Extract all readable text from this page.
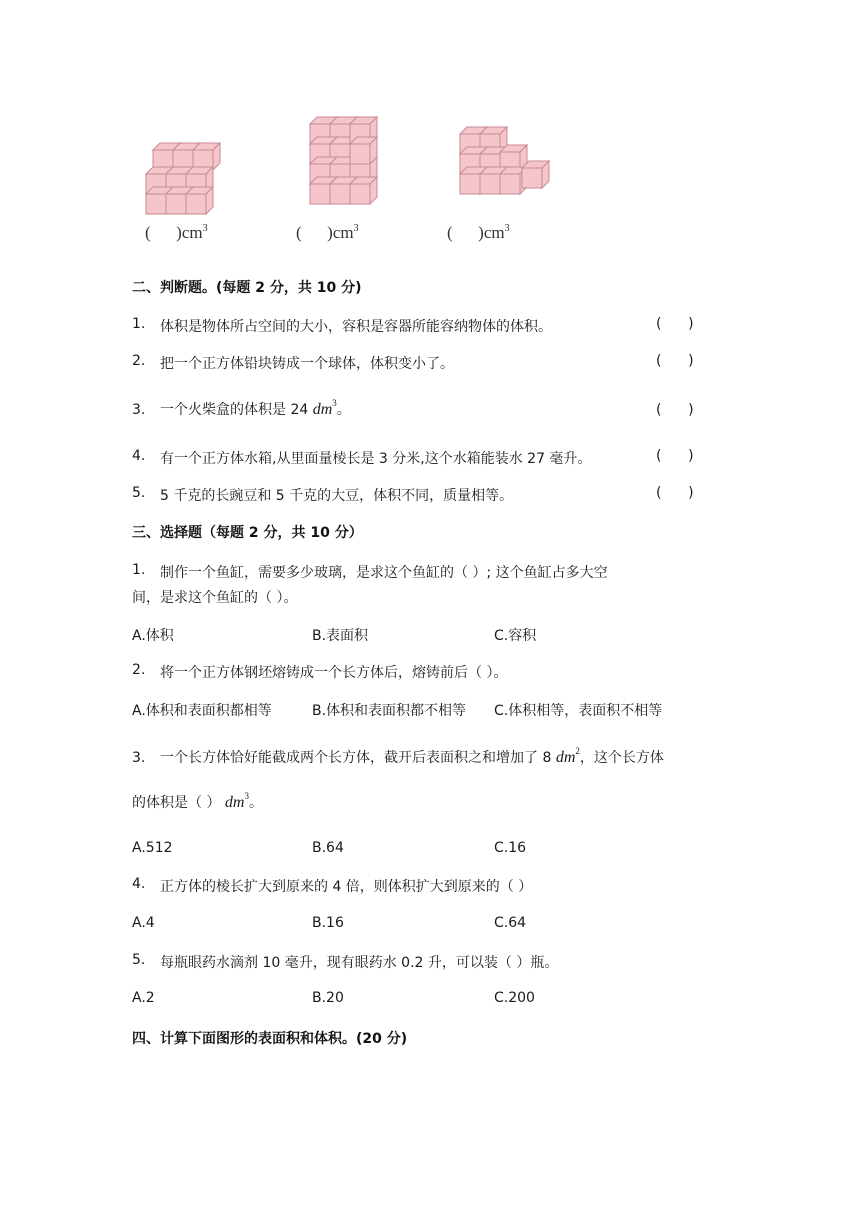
( )$cm^3$	( )$cm^3$	( )$cm^3$
二、判断题。(每题 2 分，共 10 分)
1. 体积是物体所占空间的大小，容积是容器所能容纳物体的体积。	(      )
2. 把一个正方体铅块铸成一个球体，体积变小了。	(      )
3. 一个火柴盒的体积是 24 $dm^3$。	(      )
4. 有一个正方体水箱,从里面量棱长是 3 分米,这个水箱能装水 27 毫升。	(      )
5. 5 千克的长豌豆和 5 千克的大豆，体积不同，质量相等。	(      )
三、选择题（每题 2 分，共 10 分）
1. 制作一个鱼缸，需要多少玻璃，是求这个鱼缸的（ ）; 这个鱼缸占多大空
间，是求这个鱼缸的（ ）。
A.体积	B.表面积	C.容积
2. 将一个正方体钢坯熔铸成一个长方体后，熔铸前后（ ）。
A.体积和表面积都相等	B.体积和表面积都不相等 C.体积相等，表面积不相等
3. 一个长方体恰好能截成两个长方体，截开后表面积之和增加了 8 $dm^2$，这个长方体
的体积是（ ） $dm^3$。
A.512	B.64	C.16
4. 正方体的棱长扩大到原来的 4 倍，则体积扩大到原来的（ ）
A.4	B.16	C.64
5. 每瓶眼药水滴剂 10 毫升，现有眼药水 0.2 升，可以装（ ）瓶。
A.2	B.20	C.200
四、计算下面图形的表面积和体积。(20 分)
